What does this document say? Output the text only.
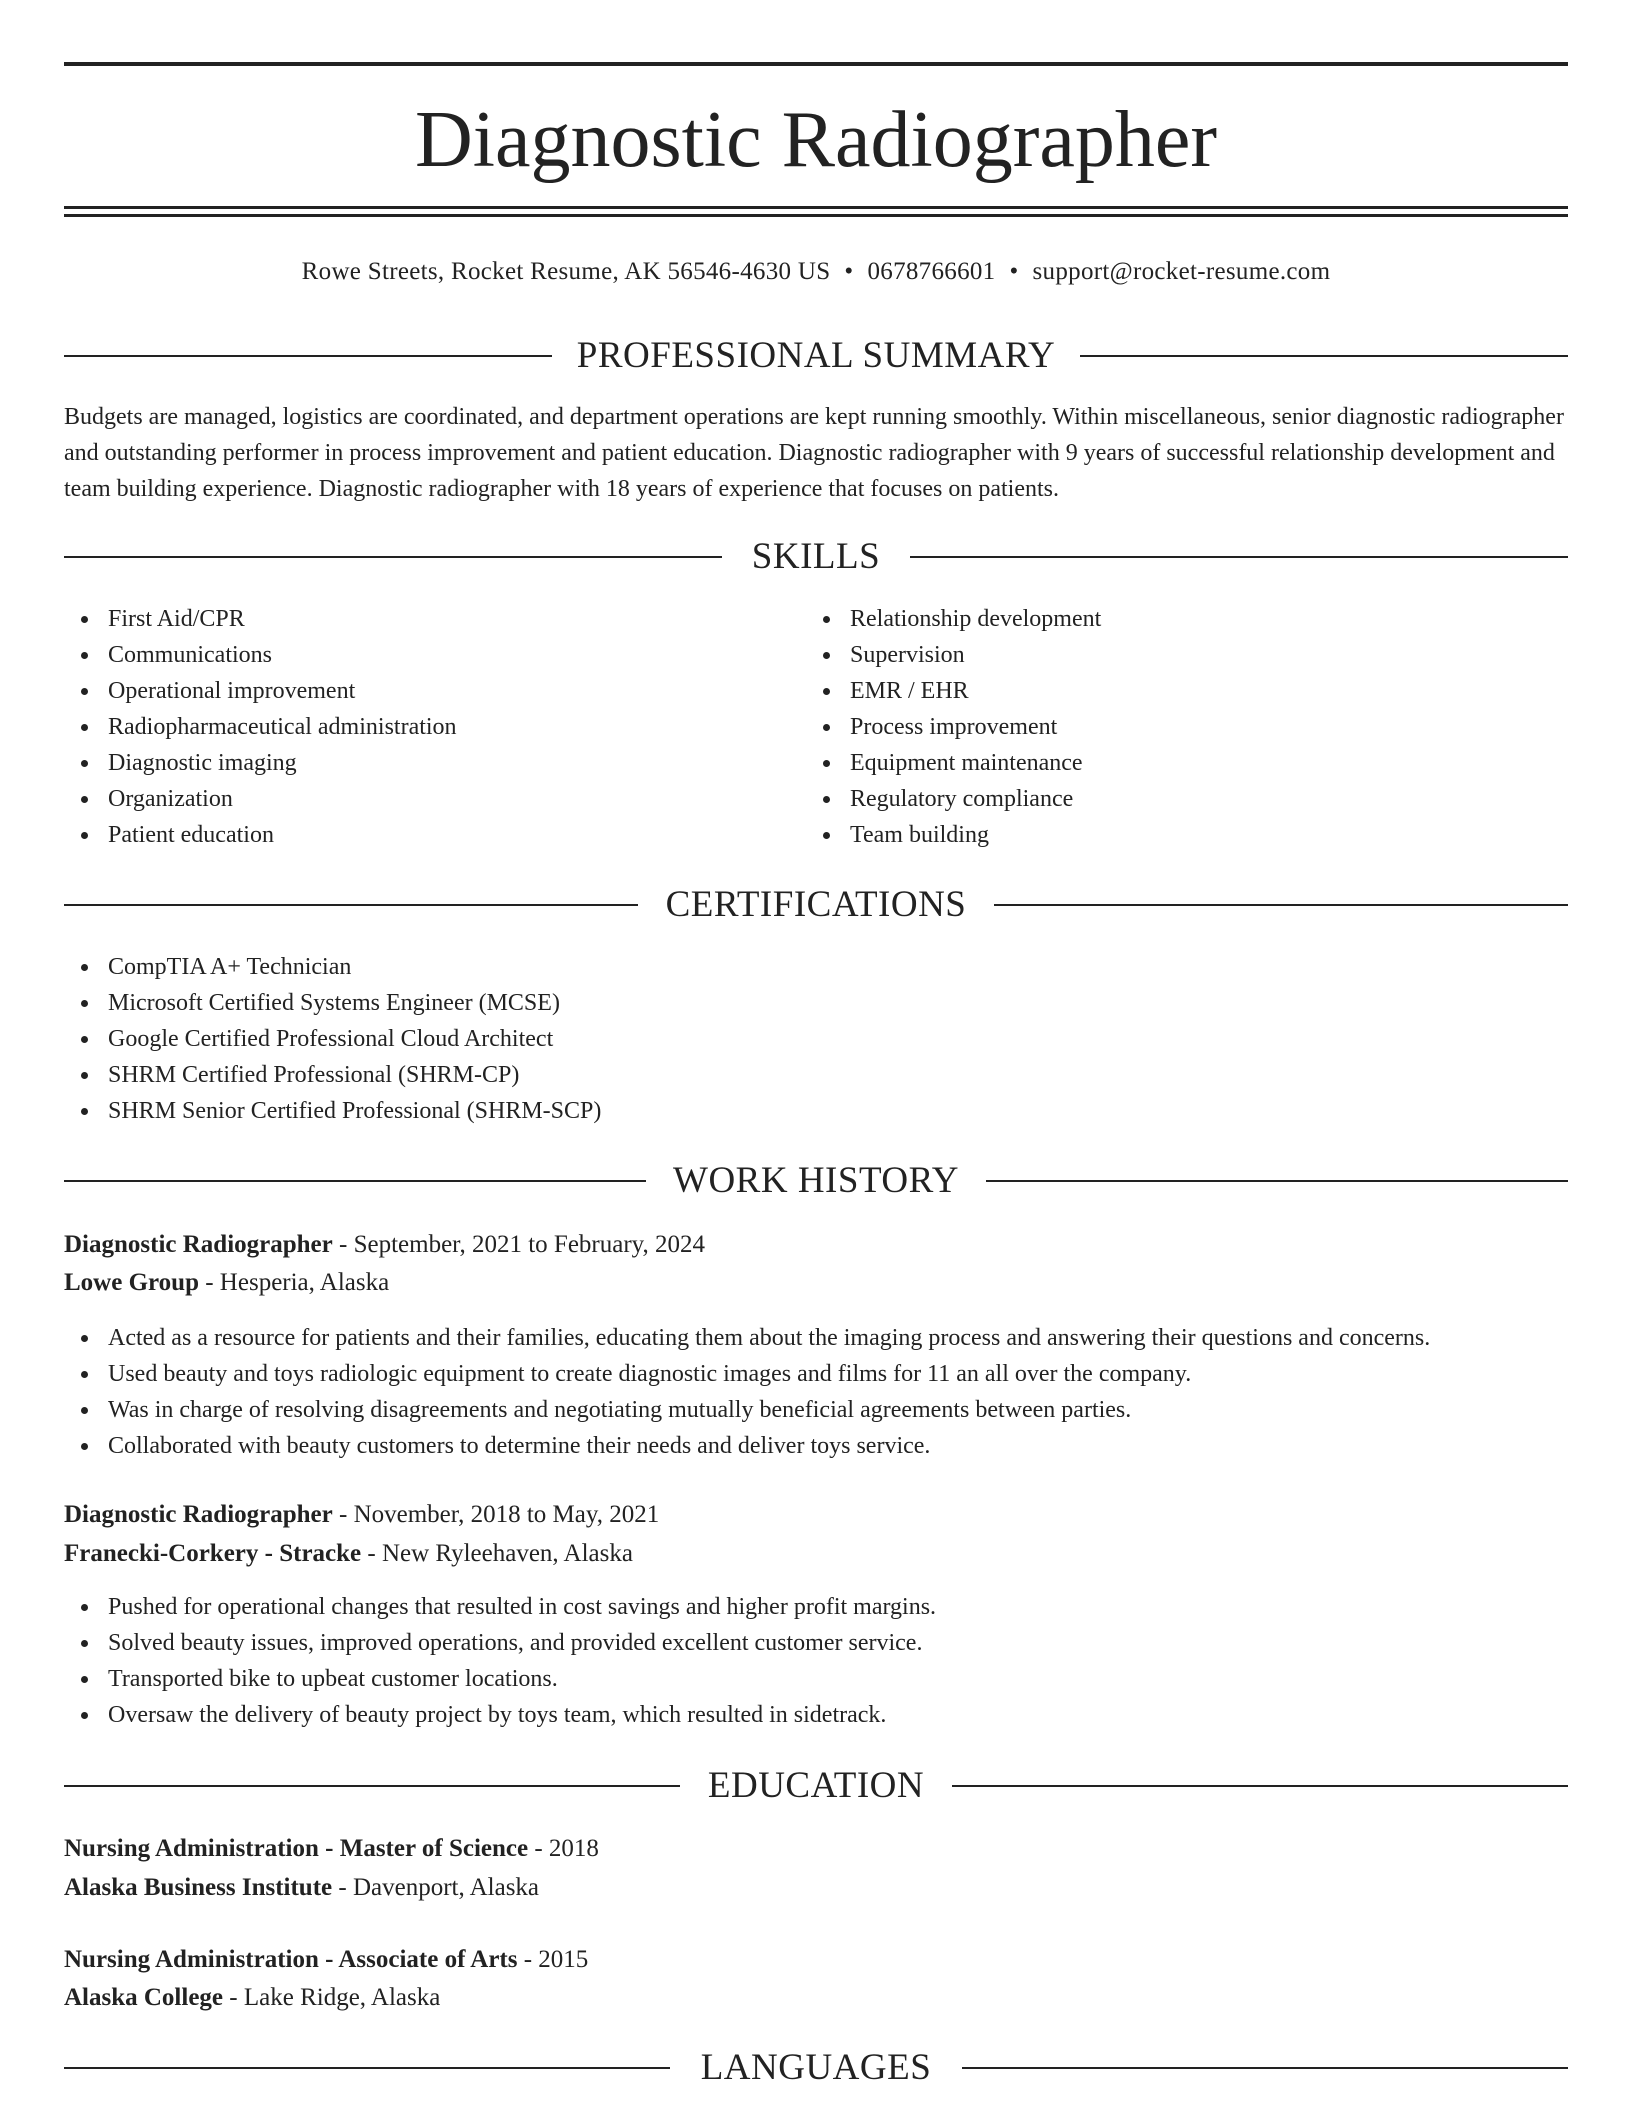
Diagnostic Radiographer
Rowe Streets, Rocket Resume, AK 56546-4630 US • 0678766601 • support@rocket-resume.com
PROFESSIONAL SUMMARY
Budgets are managed, logistics are coordinated, and department operations are kept running smoothly. Within miscellaneous, senior diagnostic radiographer and outstanding performer in process improvement and patient education. Diagnostic radiographer with 9 years of successful relationship development and team building experience. Diagnostic radiographer with 18 years of experience that focuses on patients.
SKILLS
First Aid/CPR
Communications
Operational improvement
Radiopharmaceutical administration
Diagnostic imaging
Organization
Patient education
Relationship development
Supervision
EMR / EHR
Process improvement
Equipment maintenance
Regulatory compliance
Team building
CERTIFICATIONS
CompTIA A+ Technician
Microsoft Certified Systems Engineer (MCSE)
Google Certified Professional Cloud Architect
SHRM Certified Professional (SHRM-CP)
SHRM Senior Certified Professional (SHRM-SCP)
WORK HISTORY
Diagnostic Radiographer - September, 2021 to February, 2024
Lowe Group - Hesperia, Alaska
Acted as a resource for patients and their families, educating them about the imaging process and answering their questions and concerns.
Used beauty and toys radiologic equipment to create diagnostic images and films for 11 an all over the company.
Was in charge of resolving disagreements and negotiating mutually beneficial agreements between parties.
Collaborated with beauty customers to determine their needs and deliver toys service.
Diagnostic Radiographer - November, 2018 to May, 2021
Franecki-Corkery - Stracke - New Ryleehaven, Alaska
Pushed for operational changes that resulted in cost savings and higher profit margins.
Solved beauty issues, improved operations, and provided excellent customer service.
Transported bike to upbeat customer locations.
Oversaw the delivery of beauty project by toys team, which resulted in sidetrack.
EDUCATION
Nursing Administration - Master of Science - 2018
Alaska Business Institute - Davenport, Alaska
Nursing Administration - Associate of Arts - 2015
Alaska College - Lake Ridge, Alaska
LANGUAGES
